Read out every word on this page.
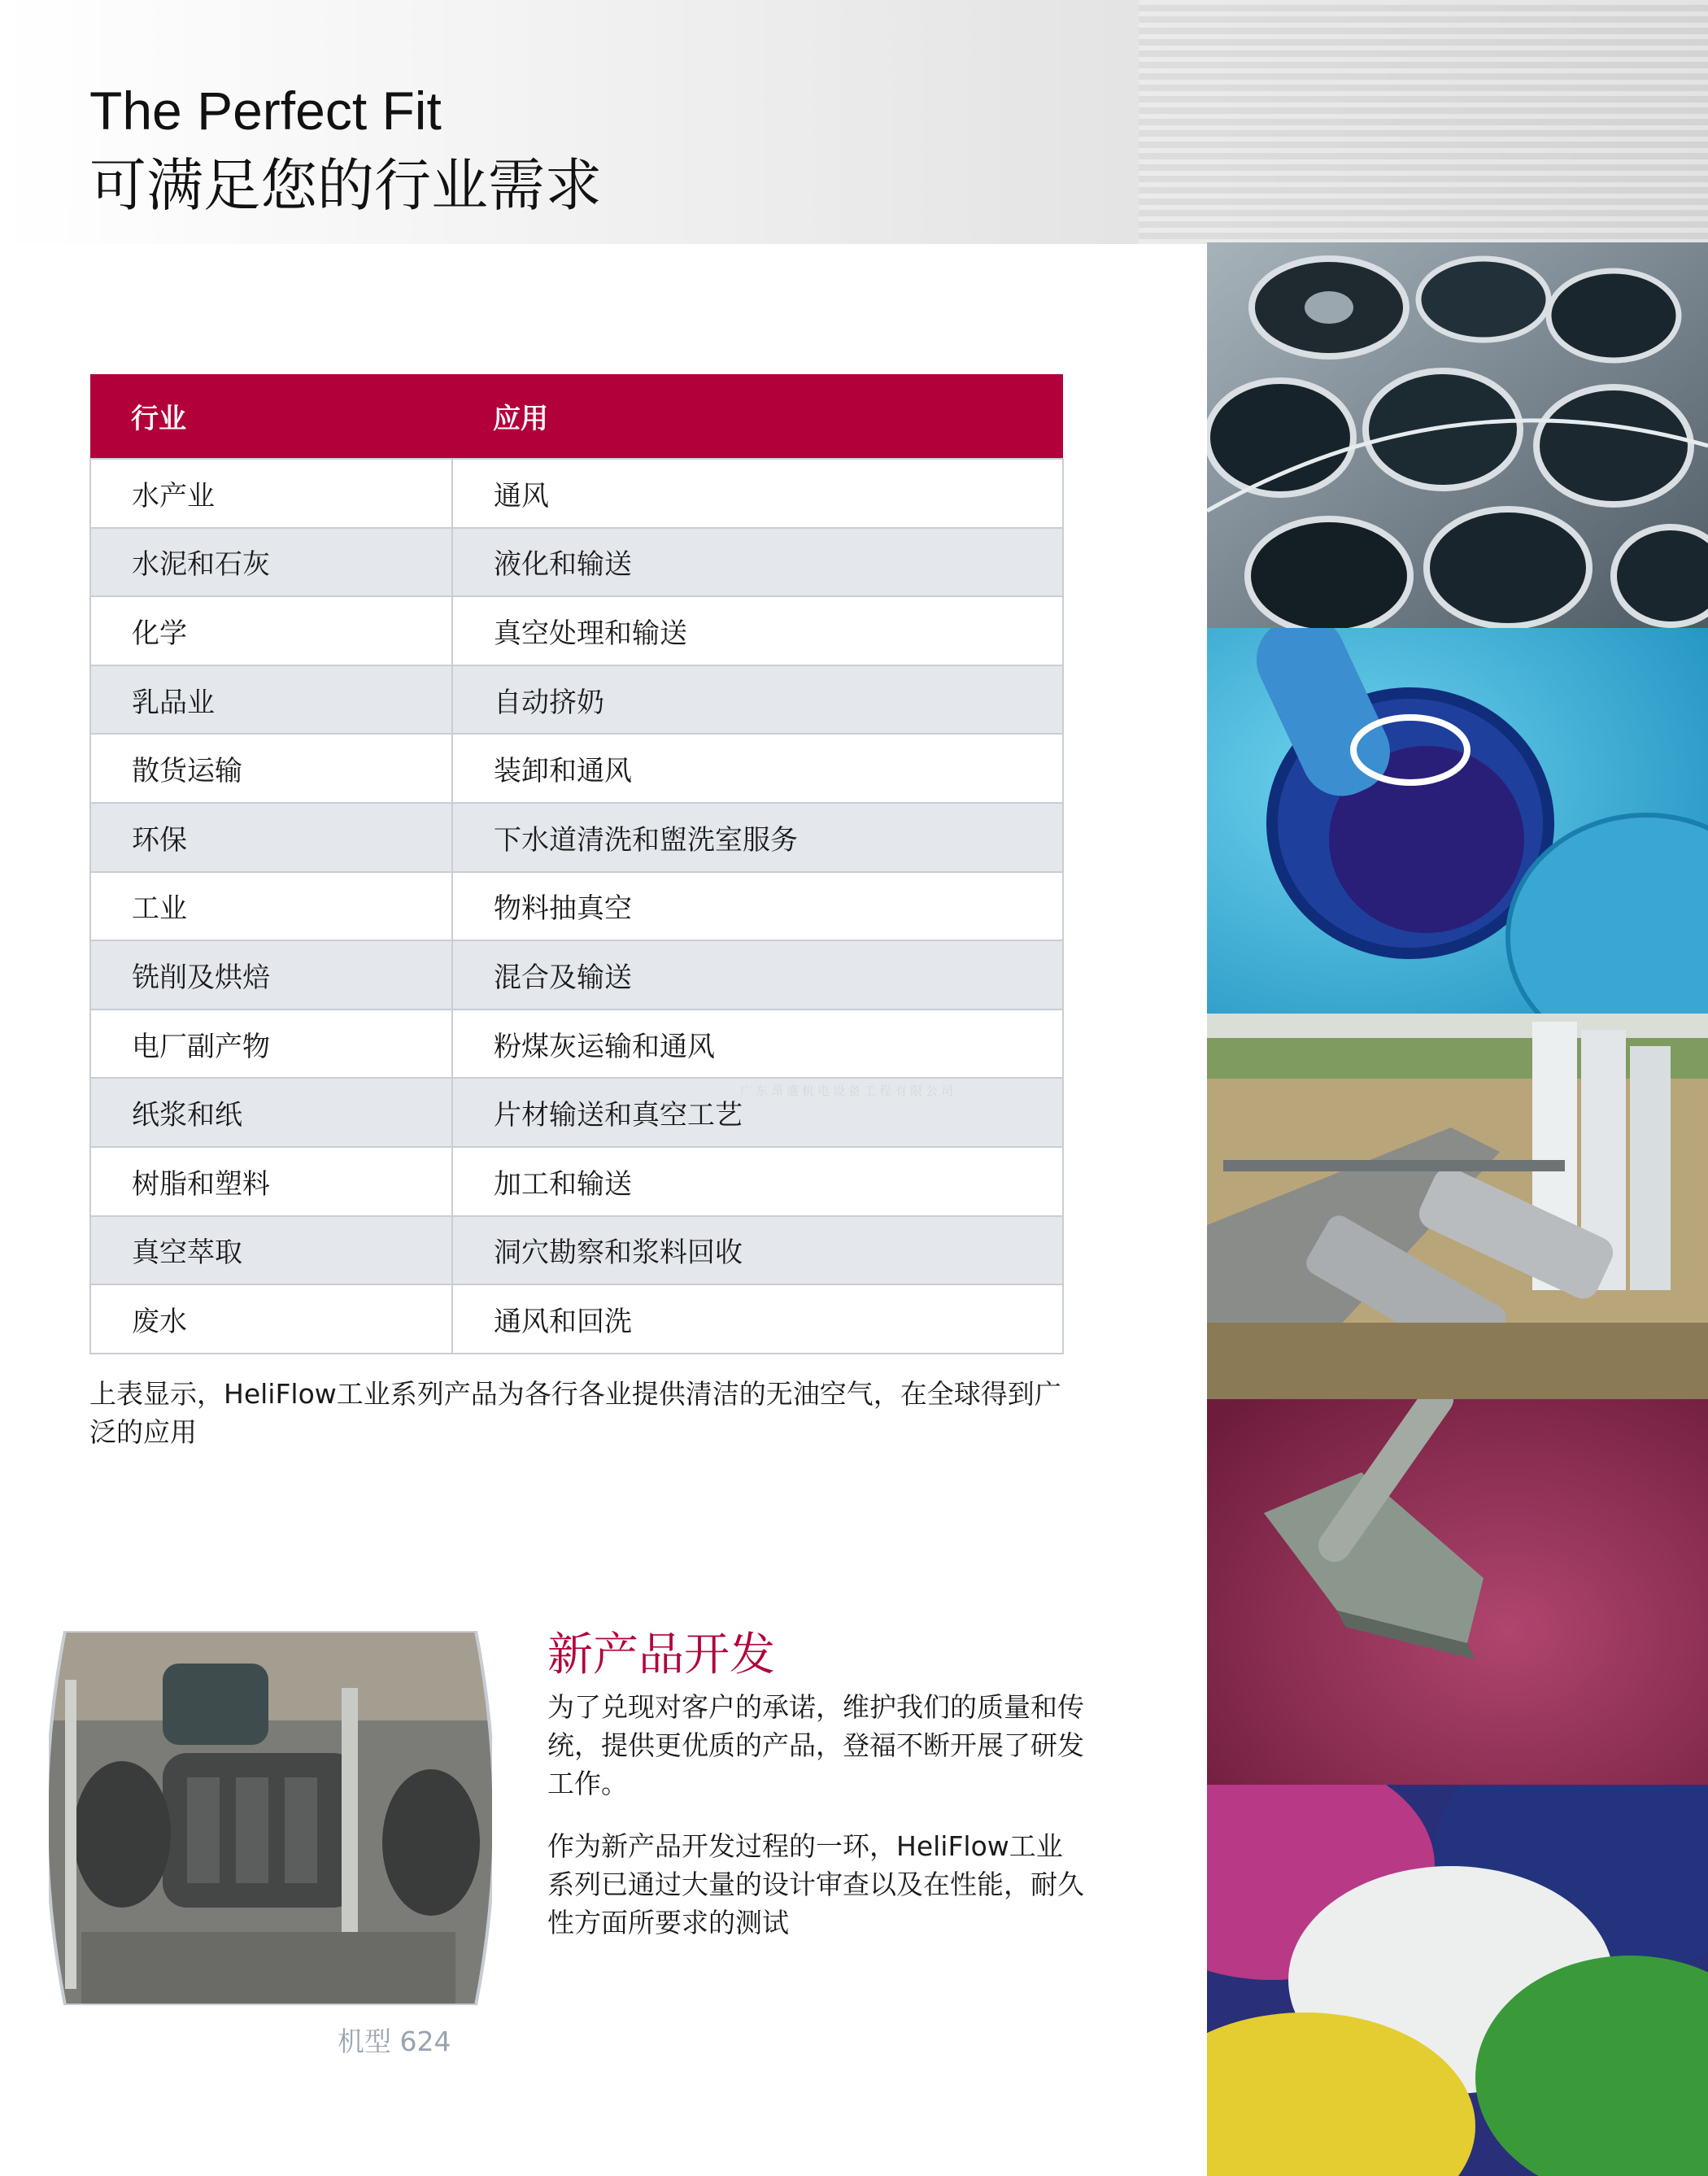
The Perfect Fit
可满足您的行业需求
行业	应用
水产业	通风
水泥和石灰	液化和输送
化学	真空处理和输送
乳品业	自动挤奶
散货运输	装卸和通风
环保	下水道清洗和盥洗室服务
工业	物料抽真空
铣削及烘焙	混合及输送
电厂副产物	粉煤灰运输和通风
纸浆和纸	片材输送和真空工艺
树脂和塑料	加工和输送
真空萃取	洞穴勘察和浆料回收
废水	通风和回洗
广东昂盛机电设备工程有限公司
上表显示，HeliFlow工业系列产品为各行各业提供清洁的无油空气，在全球得到广泛的应用
机型 624
新产品开发

为了兑现对客户的承诺，维护我们的质量和传统，提供更优质的产品，登福不断开展了研发工作。

作为新产品开发过程的一环，HeliFlow工业系列已通过大量的设计审查以及在性能，耐久性方面所要求的测试
